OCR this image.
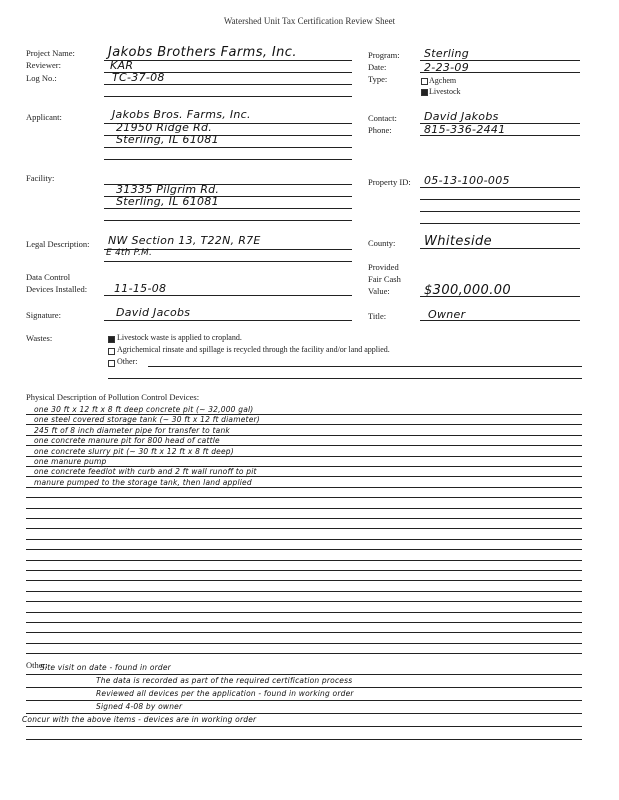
Watershed Unit Tax Certification Review Sheet
Project Name:
Reviewer:
Log No.:
Applicant:
Facility:
Legal Description:
Data Control
Devices Installed:
Signature:
Wastes:
Program:
Date:
Type:
Contact:
Phone:
Property ID:
County:
Provided
Fair Cash
Value:
Title:
Jakobs Brothers Farms, Inc.
KAR
TC-37-08
Jakobs Bros. Farms, Inc.
21950 Ridge Rd.
Sterling, IL 61081
31335 Pilgrim Rd.
Sterling, IL 61081
NW Section 13, T22N, R7E
E 4th P.M.
11-15-08
David Jacobs
Sterling
2-23-09
David Jakobs
815-336-2441
05-13-100-005
Whiteside
$300,000.00
Owner
Agchem
Livestock
Livestock waste is applied to cropland.
Agrichemical rinsate and spillage is recycled through the facility and/or land applied.
Other:
Physical Description of Pollution Control Devices:
one 30 ft x 12 ft x 8 ft deep concrete pit (~ 32,000 gal)
one steel covered storage tank (~ 30 ft x 12 ft diameter)
245 ft of 8 inch diameter pipe for transfer to tank
one concrete manure pit for 800 head of cattle
one concrete slurry pit (~ 30 ft x 12 ft x 8 ft deep)
one manure pump
one concrete feedlot with curb and 2 ft wall runoff to pit
manure pumped to the storage tank, then land applied
Other:
Site visit on date - found in order
The data is recorded as part of the required certification process
Reviewed all devices per the application - found in working order
Signed 4-08 by owner
Concur with the above items - devices are in working order
